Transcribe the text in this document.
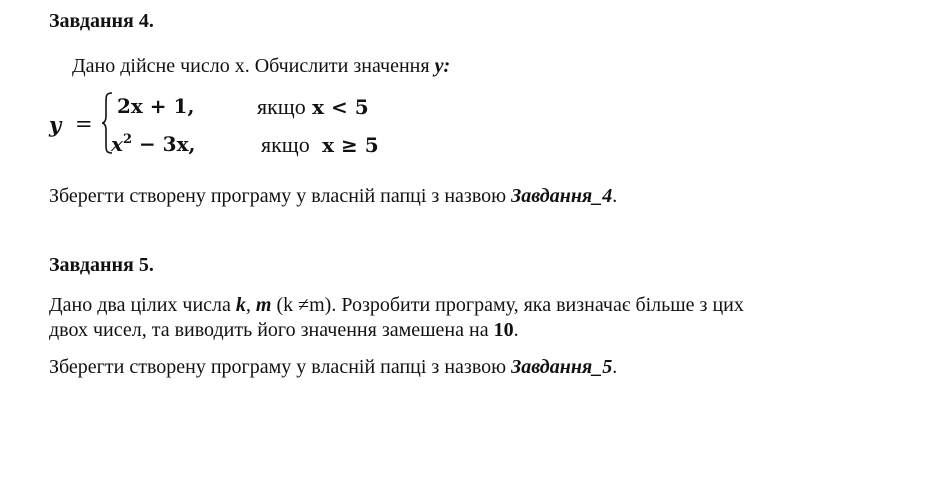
Завдання 4.
Дано дійсне число x. Обчислити значення y:
y =
2x + 1,	якщо x < 5
$x^2 - 3x$,	якщо x ≥ 5
Зберегти створену програму у власній папці з назвою Завдання_4.
Завдання 5.
Дано два цілих числа k, m (k ≠m). Розробити програму, яка визначає більше з цих
двох чисел, та виводить його значення замешена на 10.
Зберегти створену програму у власній папці з назвою Завдання_5.
